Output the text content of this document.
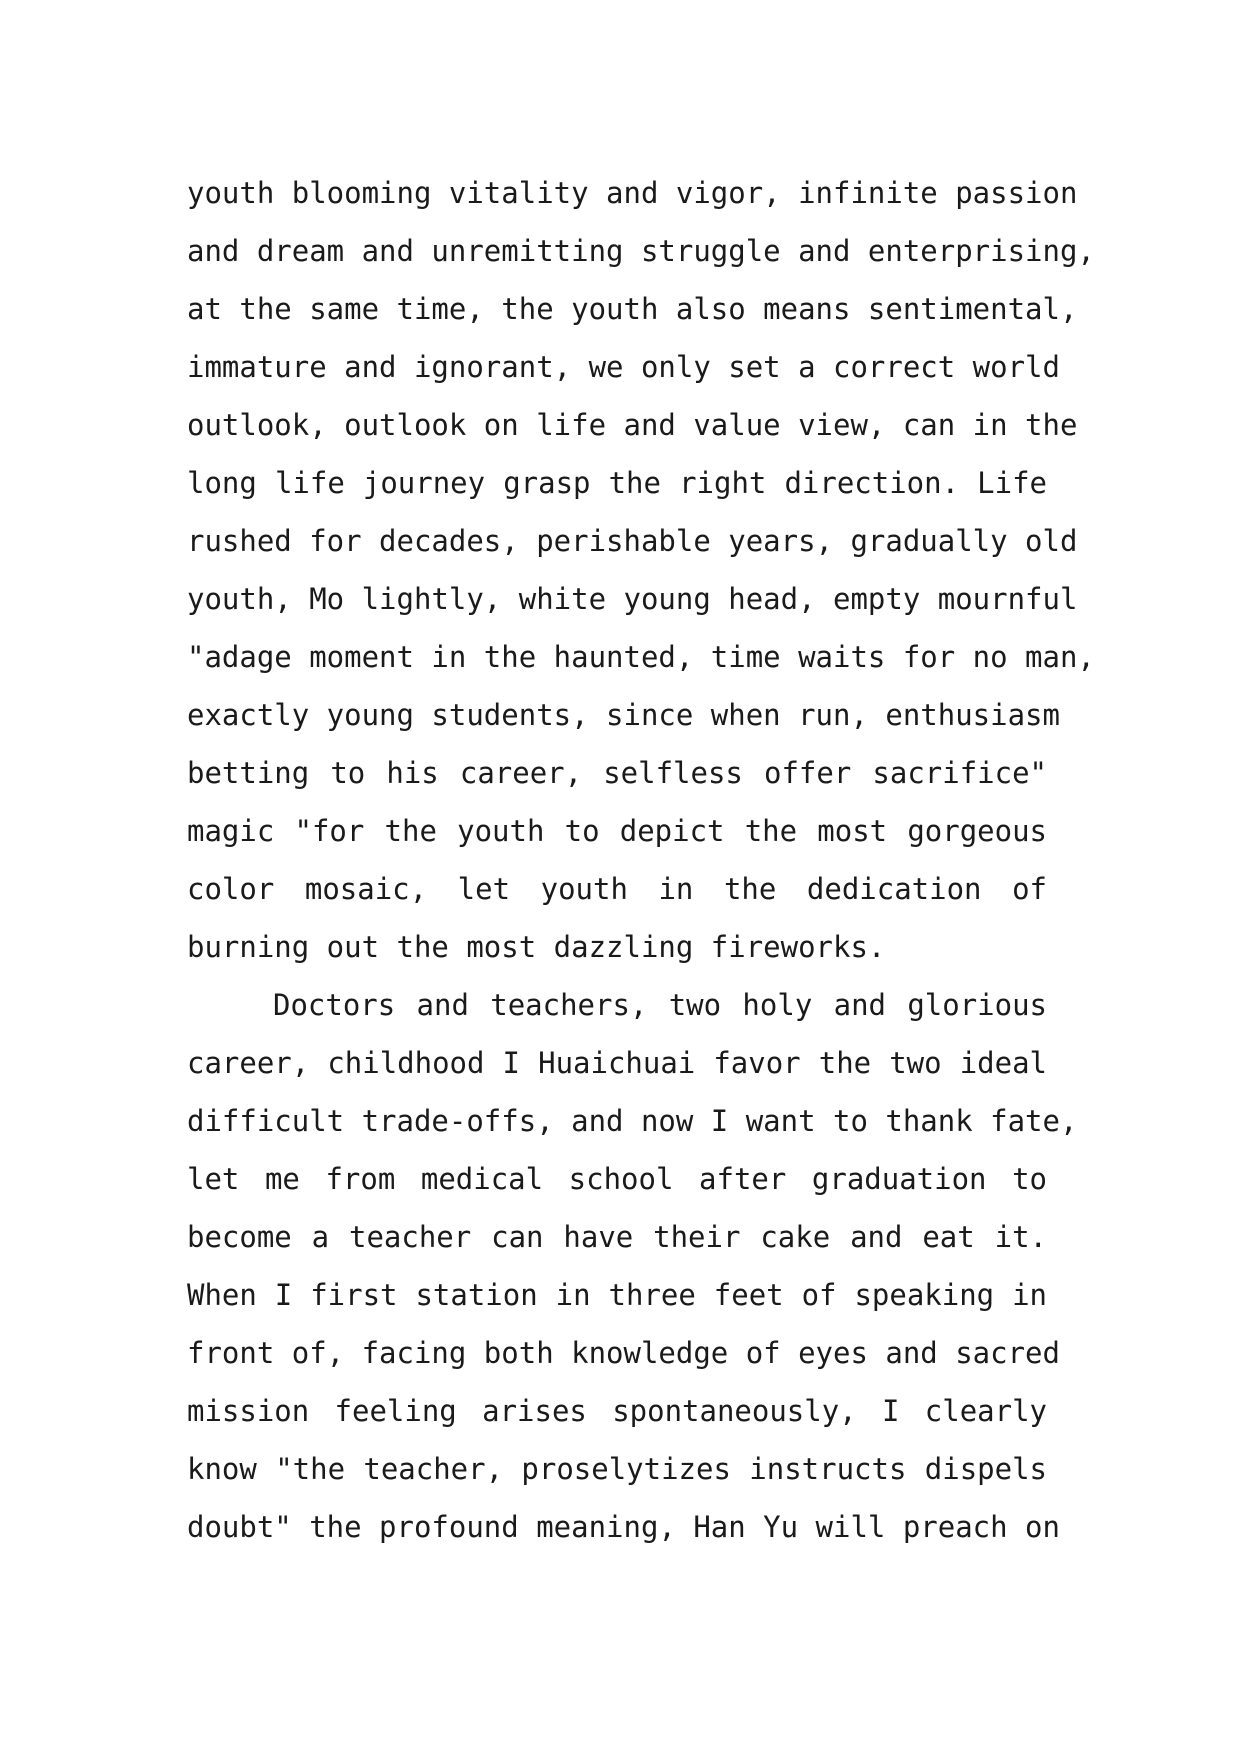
youth blooming vitality and vigor, infinite passion
and dream and unremitting struggle and enterprising,
at the same time, the youth also means sentimental,
immature and ignorant, we only set a correct world
outlook, outlook on life and value view, can in the
long life journey grasp the right direction. Life
rushed for decades, perishable years, gradually old
youth, Mo lightly, white young head, empty mournful
"adage moment in the haunted, time waits for no man,
exactly young students, since when run, enthusiasm
betting to his career, selfless offer sacrifice"
magic "for the youth to depict the most gorgeous
color mosaic, let youth in the dedication of
burning out the most dazzling fireworks.
Doctors and teachers, two holy and glorious
career, childhood I Huaichuai favor the two ideal
difficult trade-offs, and now I want to thank fate,
let me from medical school after graduation to
become a teacher can have their cake and eat it.
When I first station in three feet of speaking in
front of, facing both knowledge of eyes and sacred
mission feeling arises spontaneously, I clearly
know "the teacher, proselytizes instructs dispels
doubt" the profound meaning, Han Yu will preach on
